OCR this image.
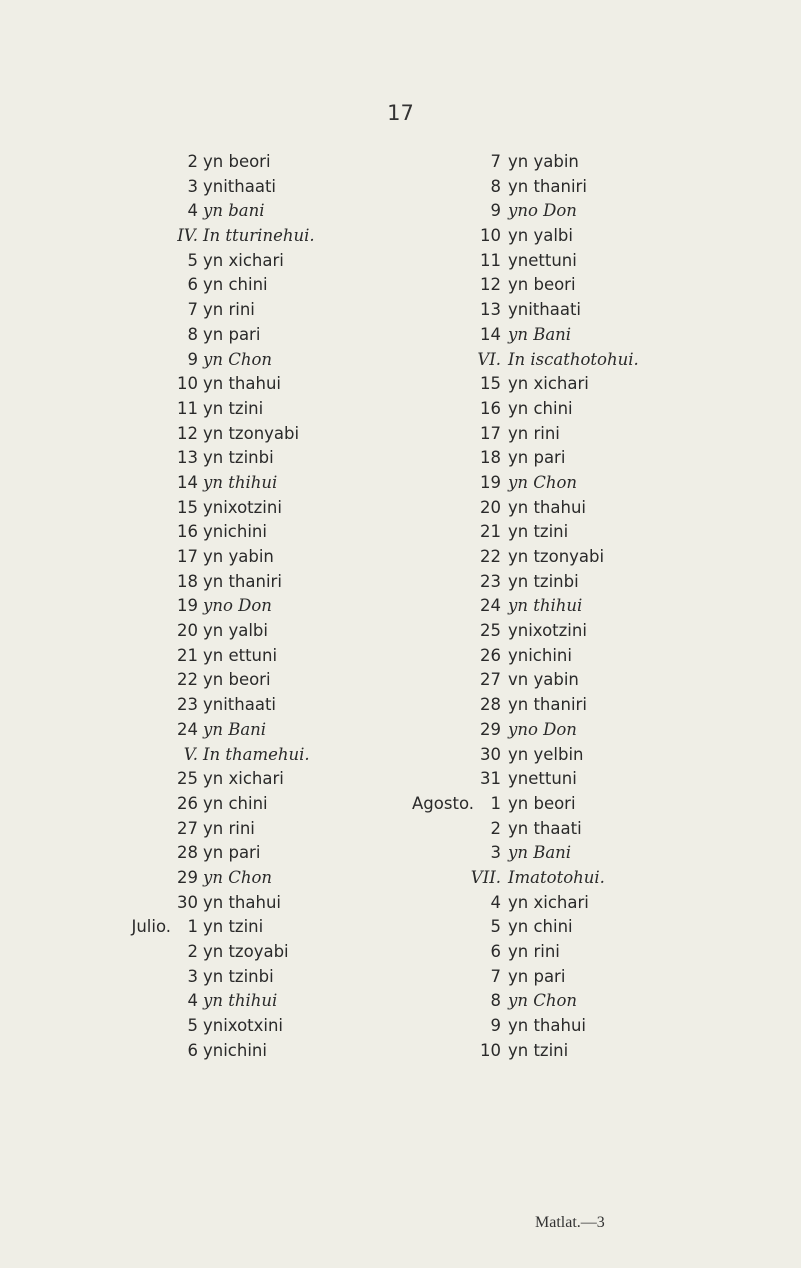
17
2 yn beori
3 ynithaati
4 yn bani
IV. In tturinehui.
5 yn xichari
6 yn chini
7 yn rini
8 yn pari
9 yn Chon
10 yn thahui
11 yn tzini
12 yn tzonyabi
13 yn tzinbi
14 yn thihui
15 ynixotzini
16 ynichini
17 yn yabin
18 yn thaniri
19 yno Don
20 yn yalbi
21 yn ettuni
22 yn beori
23 ynithaati
24 yn Bani
V. In thamehui.
25 yn xichari
26 yn chini
27 yn rini
28 yn pari
29 yn Chon
30 yn thahui
Julio. 1 yn tzini
2 yn tzoyabi
3 yn tzinbi
4 yn thihui
5 ynixotxini
6 ynichini
7 yn yabin
8 yn thaniri
9 yno Don
10 yn yalbi
11 ynettuni
12 yn beori
13 ynithaati
14 yn Bani
VI. In iscathotohui.
15 yn xichari
16 yn chini
17 yn rini
18 yn pari
19 yn Chon
20 yn thahui
21 yn tzini
22 yn tzonyabi
23 yn tzinbi
24 yn thihui
25 ynixotzini
26 ynichini
27 vn yabin
28 yn thaniri
29 yno Don
30 yn yelbin
31 ynettuni
Agosto. 1 yn beori
2 yn thaati
3 yn Bani
VII. Imatotohui.
4 yn xichari
5 yn chini
6 yn rini
7 yn pari
8 yn Chon
9 yn thahui
10 yn tzini
Matlat.—3
